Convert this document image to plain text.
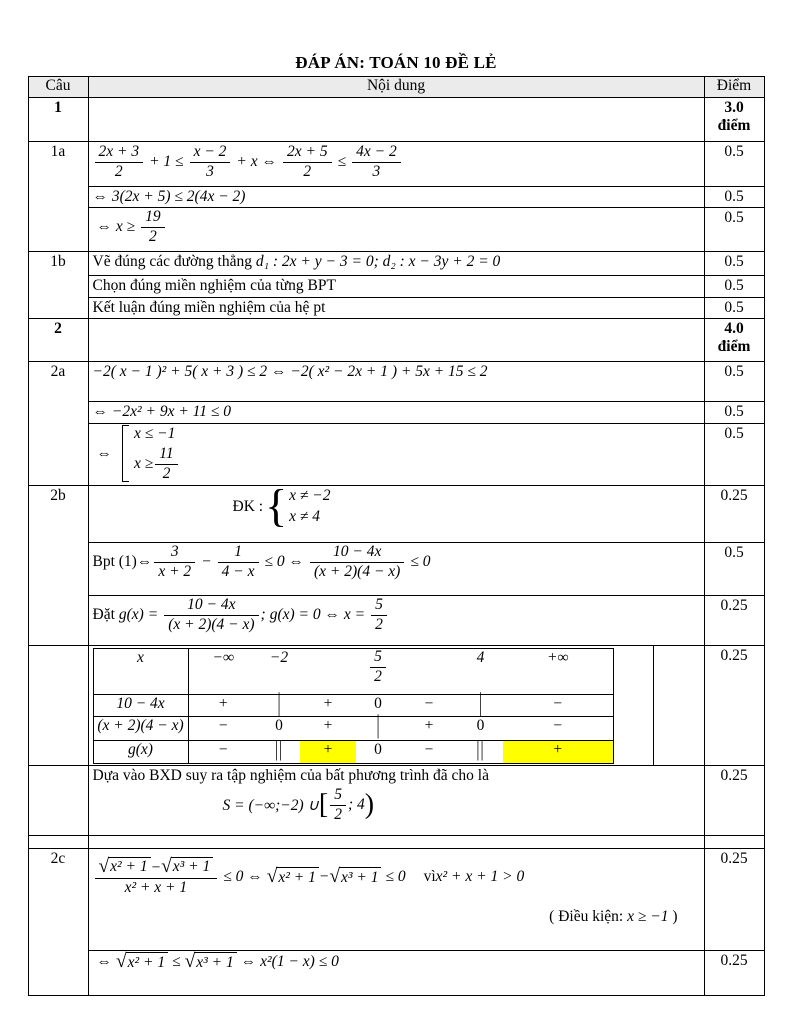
ĐÁP ÁN: TOÁN 10 ĐỀ LẺ
Câu	Nội dung	Điểm
1		3.0
điểm
1a	$\frac{2x + 3}{2} + 1 \le \frac{x - 2}{3} + x$ ⇔ $\frac{2x + 5}{2} \le \frac{4x - 2}{3}$	0.5
⇔ 3(2x + 5) ≤ 2(4x − 2)	0.5

⇔ $x \ge \frac{19}{2}$	0.5
1b	Vẽ đúng các đường thẳng d₁ : 2x + y − 3 = 0; d₂ : x − 3y + 2 = 0	0.5
Chọn đúng miền nghiệm của từng BPT	0.5
Kết luận đúng miền nghiệm của hệ pt	0.5
2		4.0
điểm
2a	−2( x − 1 )² + 5( x + 3 ) ≤ 2 ⇔ −2( x² − 2x + 1 ) + 5x + 15 ≤ 2	0.5
⇔ −2x² + 9x + 11 ≤ 0	0.5

⇔
x ≤ −1
$x \ge \frac{11}{2}$
	0.5
2b	
ĐK : { x ≠ −2
x ≠ 4
	0.25

Bpt (1) ⇔ $\frac{3}{x + 2} - \frac{1}{4 - x} \le 0$ ⇔ $\frac{10 - 4x}{(x + 2)(4 - x)} \le 0$
	0.5

Đặt $g(x) = \frac{10 - 4x}{(x + 2)(4 - x)}$ ; g(x) = 0 ⇔ $x = \frac{5}{2}$	0.25

x	−∞	−2		$\frac{5}{2}$		4	+∞
10 − 4x	+	|	+	0	−	|	−
(x + 2)(4 − x)	−	0	+	|	+	0	−
g(x)	−	||	+	0	−	||	+
	0.25

Dựa vào BXD suy ra tập nghiệm của bất phương trình đã cho là
S = (−∞;−2) ∪ [ $\frac{5}{2}$ ; 4 )
	0.25

2c	$\frac{\text{√ x² + 1 − √ x³ + 1}}{\text{x² + x + 1}} \le 0$ ⇔ √ x² + 1 − √ x³ + 1 ≤ 0 vì x² + x + 1 > 0
( Điều kiện: x ≥ −1 )
	0.25

⇔ √ x² + 1 ≤ √ x³ + 1 ⇔ x²(1 − x) ≤ 0	0.25
